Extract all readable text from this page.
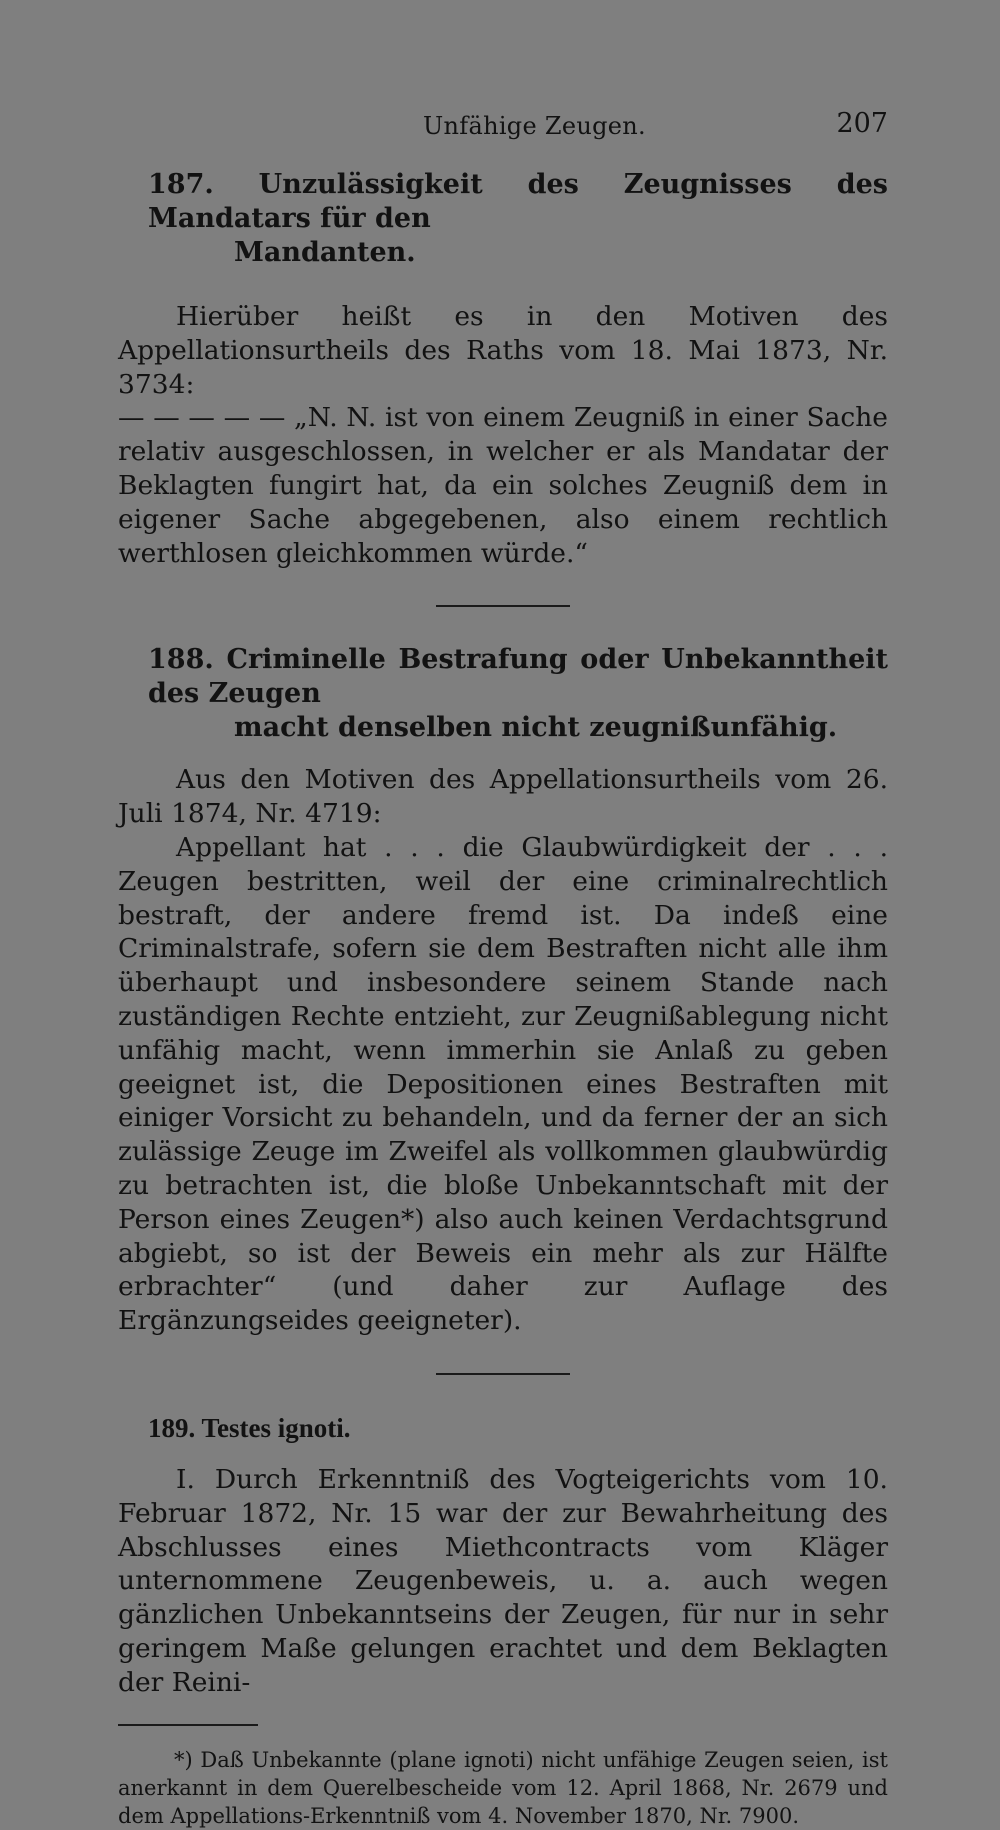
Unfähige Zeugen.	207
187. Unzulässigkeit des Zeugnisses des Mandatars für den
Mandanten.

Hierüber heißt es in den Motiven des Appellationsurtheils des Raths vom 18. Mai 1873, Nr. 3734:

— — — — — „N. N. ist von einem Zeugniß in einer Sache relativ ausgeschlossen, in welcher er als Mandatar der Beklagten fungirt hat, da ein solches Zeugniß dem in eigener Sache abgegebenen, also einem rechtlich werthlosen gleichkommen würde.“

188. Criminelle Bestrafung oder Unbekanntheit des Zeugen
macht denselben nicht zeugnißunfähig.

Aus den Motiven des Appellationsurtheils vom 26. Juli 1874, Nr. 4719:

Appellant hat . . . die Glaubwürdigkeit der . . . Zeugen bestritten, weil der eine criminalrechtlich bestraft, der andere fremd ist. Da indeß eine Criminalstrafe, sofern sie dem Bestraften nicht alle ihm überhaupt und insbesondere seinem Stande nach zuständigen Rechte entzieht, zur Zeugnißablegung nicht unfähig macht, wenn immerhin sie Anlaß zu geben geeignet ist, die Depositionen eines Bestraften mit einiger Vorsicht zu behandeln, und da ferner der an sich zulässige Zeuge im Zweifel als vollkommen glaubwürdig zu betrachten ist, die bloße Unbekanntschaft mit der Person eines Zeugen*) also auch keinen Verdachtsgrund abgiebt, so ist der Beweis ein mehr als zur Hälfte erbrachter“ (und daher zur Auflage des Ergänzungseides geeigneter).

189. Testes ignoti.

I. Durch Erkenntniß des Vogteigerichts vom 10. Februar 1872, Nr. 15 war der zur Bewahrheitung des Abschlusses eines Miethcontracts vom Kläger unternommene Zeugenbeweis, u. a. auch wegen gänzlichen Unbekanntseins der Zeugen, für nur in sehr geringem Maße gelungen erachtet und dem Beklagten der Reini-

*) Daß Unbekannte (plane ignoti) nicht unfähige Zeugen seien, ist anerkannt in dem Querelbescheide vom 12. April 1868, Nr. 2679 und dem Appellations-Erkenntniß vom 4. November 1870, Nr. 7900.
